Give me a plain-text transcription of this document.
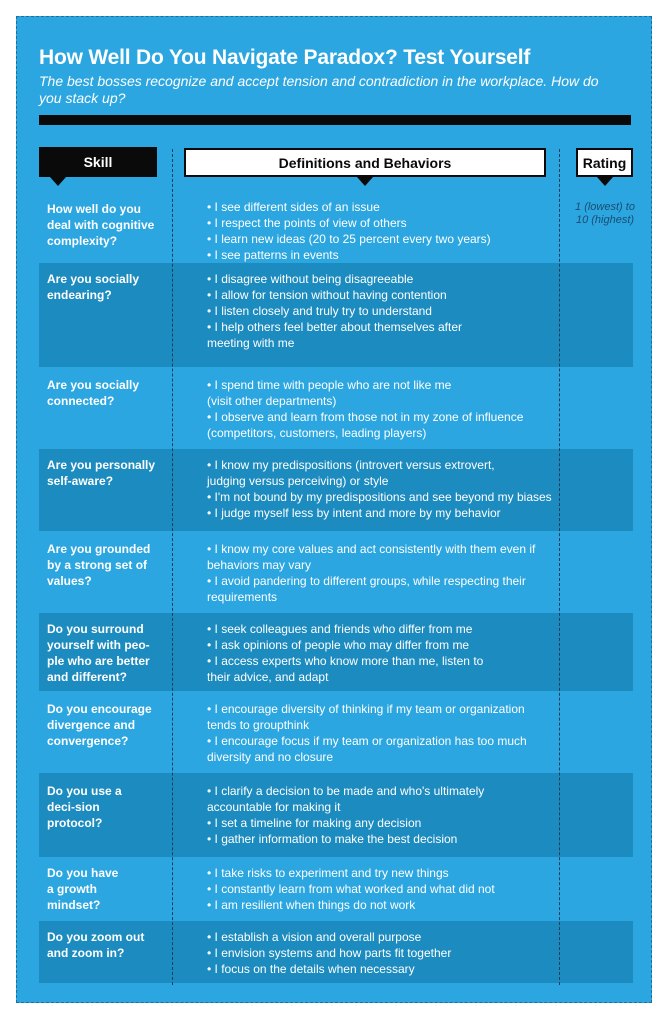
How Well Do You Navigate Paradox? Test Yourself

The best bosses recognize and accept tension and contradiction in the workplace. How do you stack up?

How well do you deal with cognitive complexity?

• I see different sides of an issue

• I respect the points of view of others

• I learn new ideas (20 to 25 percent every two years)

• I see patterns in events

Are you socially endearing?

• I disagree without being disagreeable

• I allow for tension without having contention

• I listen closely and truly try to understand

• I help others feel better about themselves after meeting with me

Are you socially connected?

• I spend time with people who are not like me (visit other departments)

• I observe and learn from those not in my zone of influence (competitors, customers, leading players)

Are you personally self-aware?

• I know my predispositions (introvert versus extrovert, judging versus perceiving) or style

• I'm not bound by my predispositions and see beyond my biases

• I judge myself less by intent and more by my behavior

Are you grounded by a strong set of values?

• I know my core values and act consistently with them even if behaviors may vary

• I avoid pandering to different groups, while respecting their requirements

Do you surround yourself with peo-ple who are better and different?

• I seek colleagues and friends who differ from me

• I ask opinions of people who may differ from me

• I access experts who know more than me, listen to their advice, and adapt

Do you encourage divergence and convergence?

• I encourage diversity of thinking if my team or organization tends to groupthink

• I encourage focus if my team or organization has too much diversity and no closure

Do you use a deci-sion protocol?

• I clarify a decision to be made and who's ultimately accountable for making it

• I set a timeline for making any decision

• I gather information to make the best decision

Do you have a growth mindset?

• I take risks to experiment and try new things

• I constantly learn from what worked and what did not

• I am resilient when things do not work

Do you zoom out and zoom in?

• I establish a vision and overall purpose

• I envision systems and how parts fit together

• I focus on the details when necessary

Skill	Definitions and Behaviors	Rating
1 (lowest) to 10 (highest)
